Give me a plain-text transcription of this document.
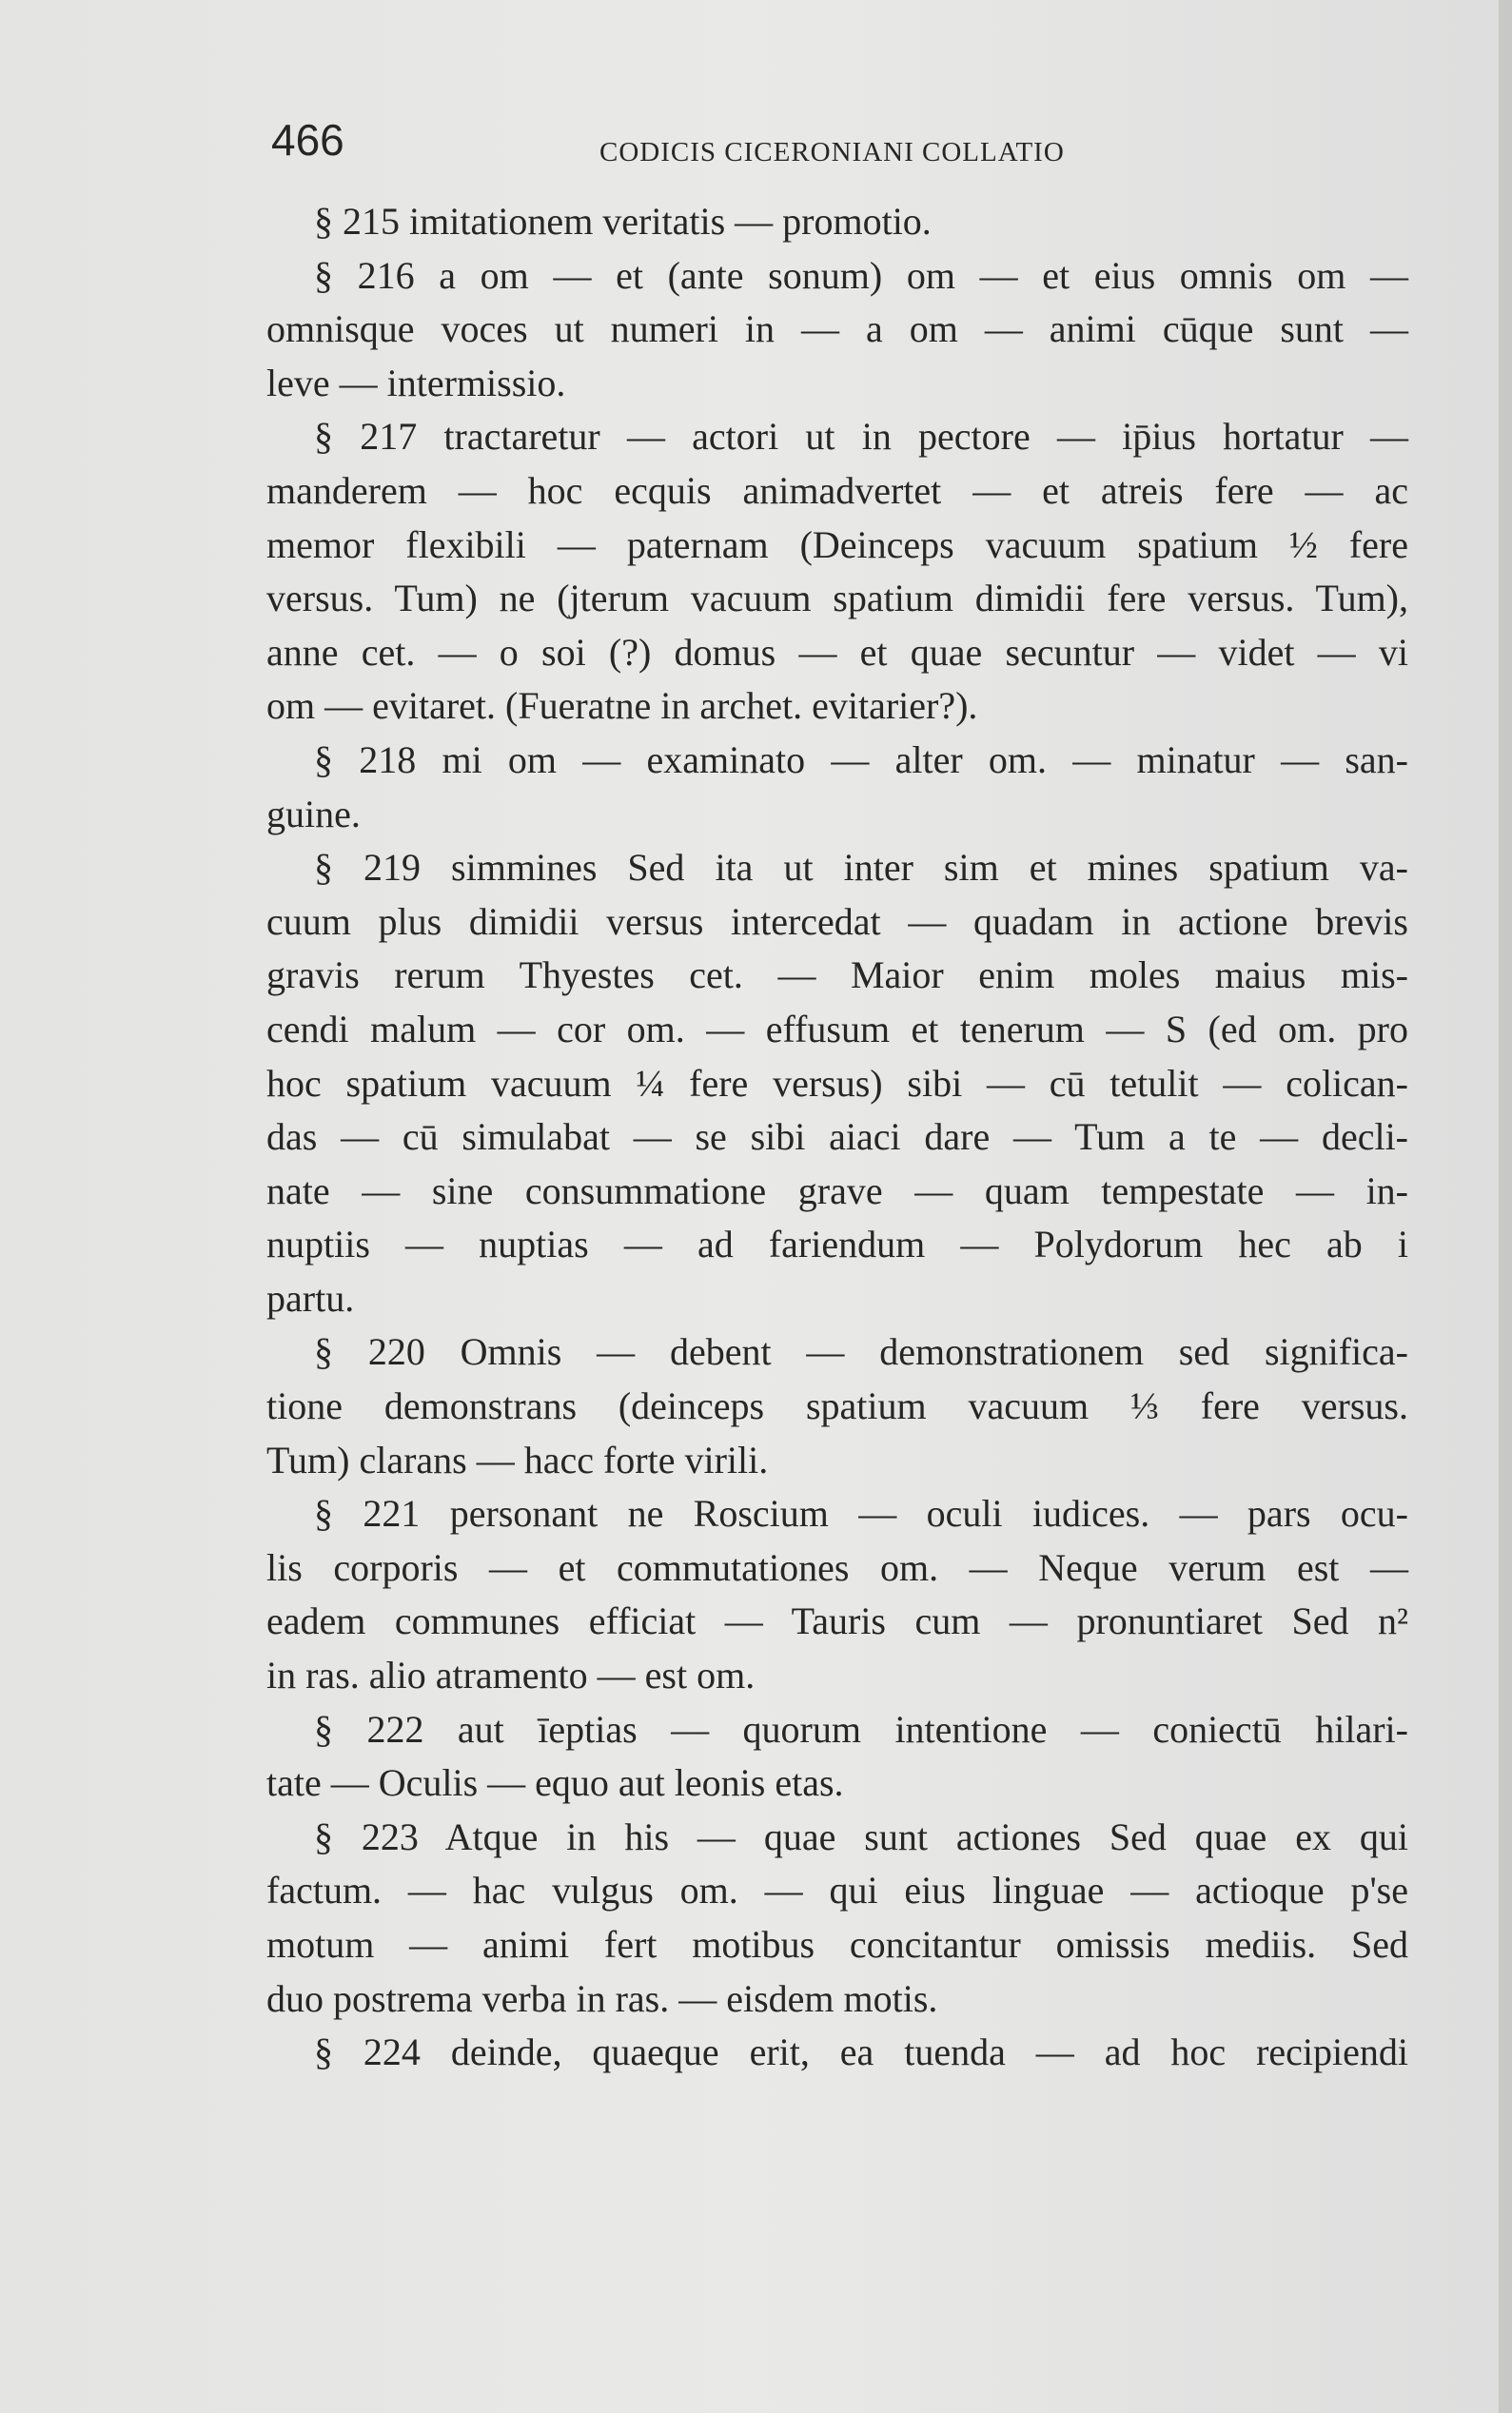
466	CODICIS CICERONIANI COLLATIO
§ 215 imitationem veritatis — promotio.
§ 216 a om — et (ante sonum) om — et eius omnis om —
omnisque voces ut numeri in — a om — animi cūque sunt —
leve — intermissio.
§ 217 tractaretur — actori ut in pectore — ip̄ius hortatur —
manderem — hoc ecquis animadvertet — et atreis fere — ac
memor flexibili — paternam (Deinceps vacuum spatium ½ fere
versus. Tum) ne (jterum vacuum spatium dimidii fere versus. Tum),
anne cet. — o soi (?) domus — et quae secuntur — videt — vi
om — evitaret. (Fueratne in archet. evitarier?).
§ 218 mi om — examinato — alter om. — minatur — san-
guine.
§ 219 simmines Sed ita ut inter sim et mines spatium va-
cuum plus dimidii versus intercedat — quadam in actione brevis
gravis rerum Thyestes cet. — Maior enim moles maius mis-
cendi malum — cor om. — effusum et tenerum — S (ed om. pro
hoc spatium vacuum ¼ fere versus) sibi — cū tetulit — colican-
das — cū simulabat — se sibi aiaci dare — Tum a te — decli-
nate — sine consummatione grave — quam tempestate — in-
nuptiis — nuptias — ad fariendum — Polydorum hec ab i
partu.
§ 220 Omnis — debent — demonstrationem sed significa-
tione demonstrans (deinceps spatium vacuum ⅓ fere versus.
Tum) clarans — hacc forte virili.
§ 221 personant ne Roscium — oculi iudices. — pars ocu-
lis corporis — et commutationes om. — Neque verum est —
eadem communes efficiat — Tauris cum — pronuntiaret Sed n²
in ras. alio atramento — est om.
§ 222 aut īeptias — quorum intentione — coniectū hilari-
tate — Oculis — equo aut leonis etas.
§ 223 Atque in his — quae sunt actiones Sed quae ex qui
factum. — hac vulgus om. — qui eius linguae — actioque p'se
motum — animi fert motibus concitantur omissis mediis. Sed
duo postrema verba in ras. — eisdem motis.
§ 224 deinde, quaeque erit, ea tuenda — ad hoc recipiendi
